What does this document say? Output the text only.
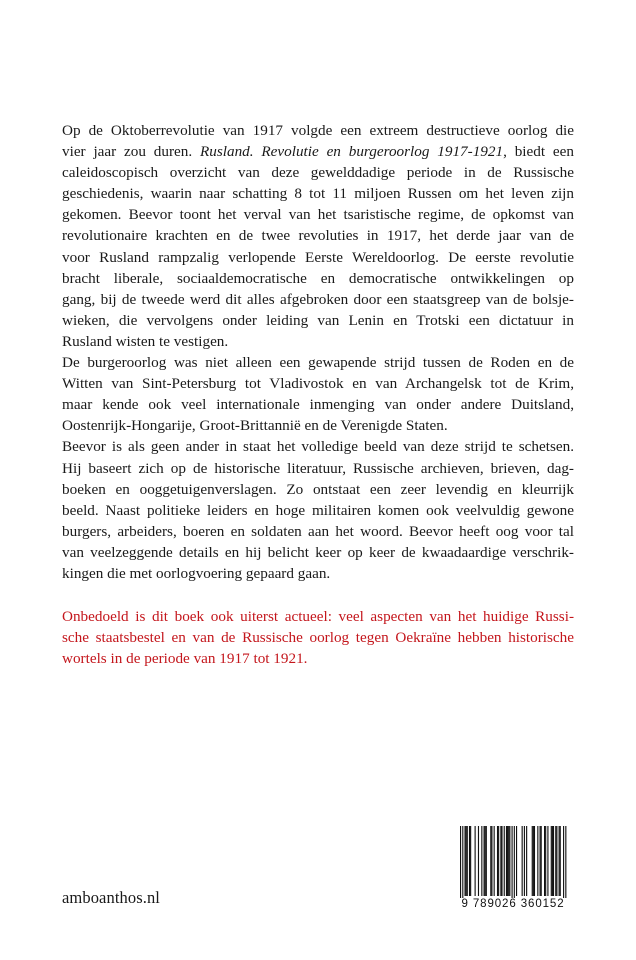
Op de Oktoberrevolutie van 1917 volgde een extreem destructieve oorlog die
vier jaar zou duren. Rusland. Revolutie en burgeroorlog 1917-1921, biedt een
caleidoscopisch overzicht van deze gewelddadige periode in de Russische
geschiedenis, waarin naar schatting 8 tot 11 miljoen Russen om het leven zijn
gekomen. Beevor toont het verval van het tsaristische regime, de opkomst van
revolutionaire krachten en de twee revoluties in 1917, het derde jaar van de
voor Rusland rampzalig verlopende Eerste Wereldoorlog. De eerste revolutie
bracht liberale, sociaaldemocratische en democratische ontwikkelingen op
gang, bij de tweede werd dit alles afgebroken door een staatsgreep van de bolsje-
wieken, die vervolgens onder leiding van Lenin en Trotski een dictatuur in
Rusland wisten te vestigen.
De burgeroorlog was niet alleen een gewapende strijd tussen de Roden en de
Witten van Sint-Petersburg tot Vladivostok en van Archangelsk tot de Krim,
maar kende ook veel internationale inmenging van onder andere Duitsland,
Oostenrijk-Hongarije, Groot-Brittannië en de Verenigde Staten.
Beevor is als geen ander in staat het volledige beeld van deze strijd te schetsen.
Hij baseert zich op de historische literatuur, Russische archieven, brieven, dag-
boeken en ooggetuigenverslagen. Zo ontstaat een zeer levendig en kleurrijk
beeld. Naast politieke leiders en hoge militairen komen ook veelvuldig gewone
burgers, arbeiders, boeren en soldaten aan het woord. Beevor heeft oog voor tal
van veelzeggende details en hij belicht keer op keer de kwaadaardige verschrik-
kingen die met oorlogvoering gepaard gaan.
Onbedoeld is dit boek ook uiterst actueel: veel aspecten van het huidige Russi-
sche staatsbestel en van de Russische oorlog tegen Oekraïne hebben historische
wortels in de periode van 1917 tot 1921.
amboanthos.nl	9 789026 360152
